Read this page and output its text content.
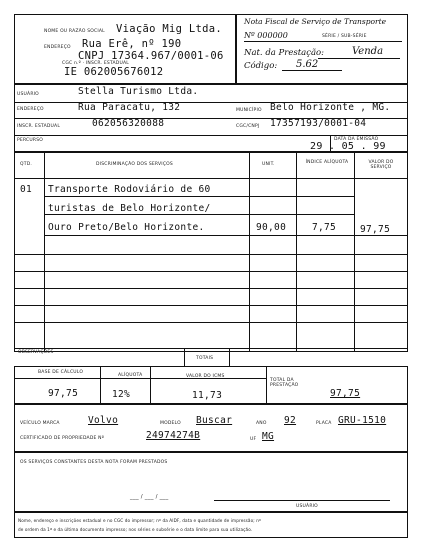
NOME OU RAZÃO SOCIAL Viação Mig Ltda.
ENDEREÇO Rua Erê, nº 190
CNPJ 17364.967/0001-06
CGC n.º · INSCR. ESTADUAL
IE 062005676012
Nota Fiscal de Serviço de Transporte
Nº 000000	SÉRIE / SUB-SÉRIE
Nat. da Prestação:	Venda
Código: 5.62
USUÁRIO	Stella Turismo Ltda.
ENDEREÇO	Rua Paracatu, 132	MUNICÍPIO Belo Horizonte , MG.
INSCR. ESTADUAL	062056320088	CGC/CNPJ 17357193/0001-04
PERCURSO	DATA DA EMISSÃO
29 . 05 . 99
QTD.	DISCRIMINAÇÃO DOS SERVIÇOS	UNIT.	ÍNDICE ALÍQUOTA	VALOR DO SERVIÇO
01 Transporte Rodoviário de 60
turistas de Belo Horizonte/
Ouro Preto/Belo Horizonte.	90,00	7,75	97,75
OBSERVAÇÕES
TOTAIS
BASE DE CÁLCULO
97,75
ALÍQUOTA
12%
VALOR DO ICMS
11,73
TOTAL DA PRESTAÇÃO
97,75
VEÍCULO MARCA	Volvo	MODELO Buscar	ANO 92	PLACA GRU-1510
CERTIFICADO DE PROPRIEDADE Nº	24974274B	UF MG
OS SERVIÇOS CONSTANTES DESTA NOTA FORAM PRESTADOS
___ / ___ / ___
USUÁRIO
Nome, endereço e inscrições estadual e no CGC do impressor; nº da AIDF, data e quantidade de impressão; nº
de ordem da 1ª e da última documento impresso; nos séries e subsérie e o data limite para sua utilização.
